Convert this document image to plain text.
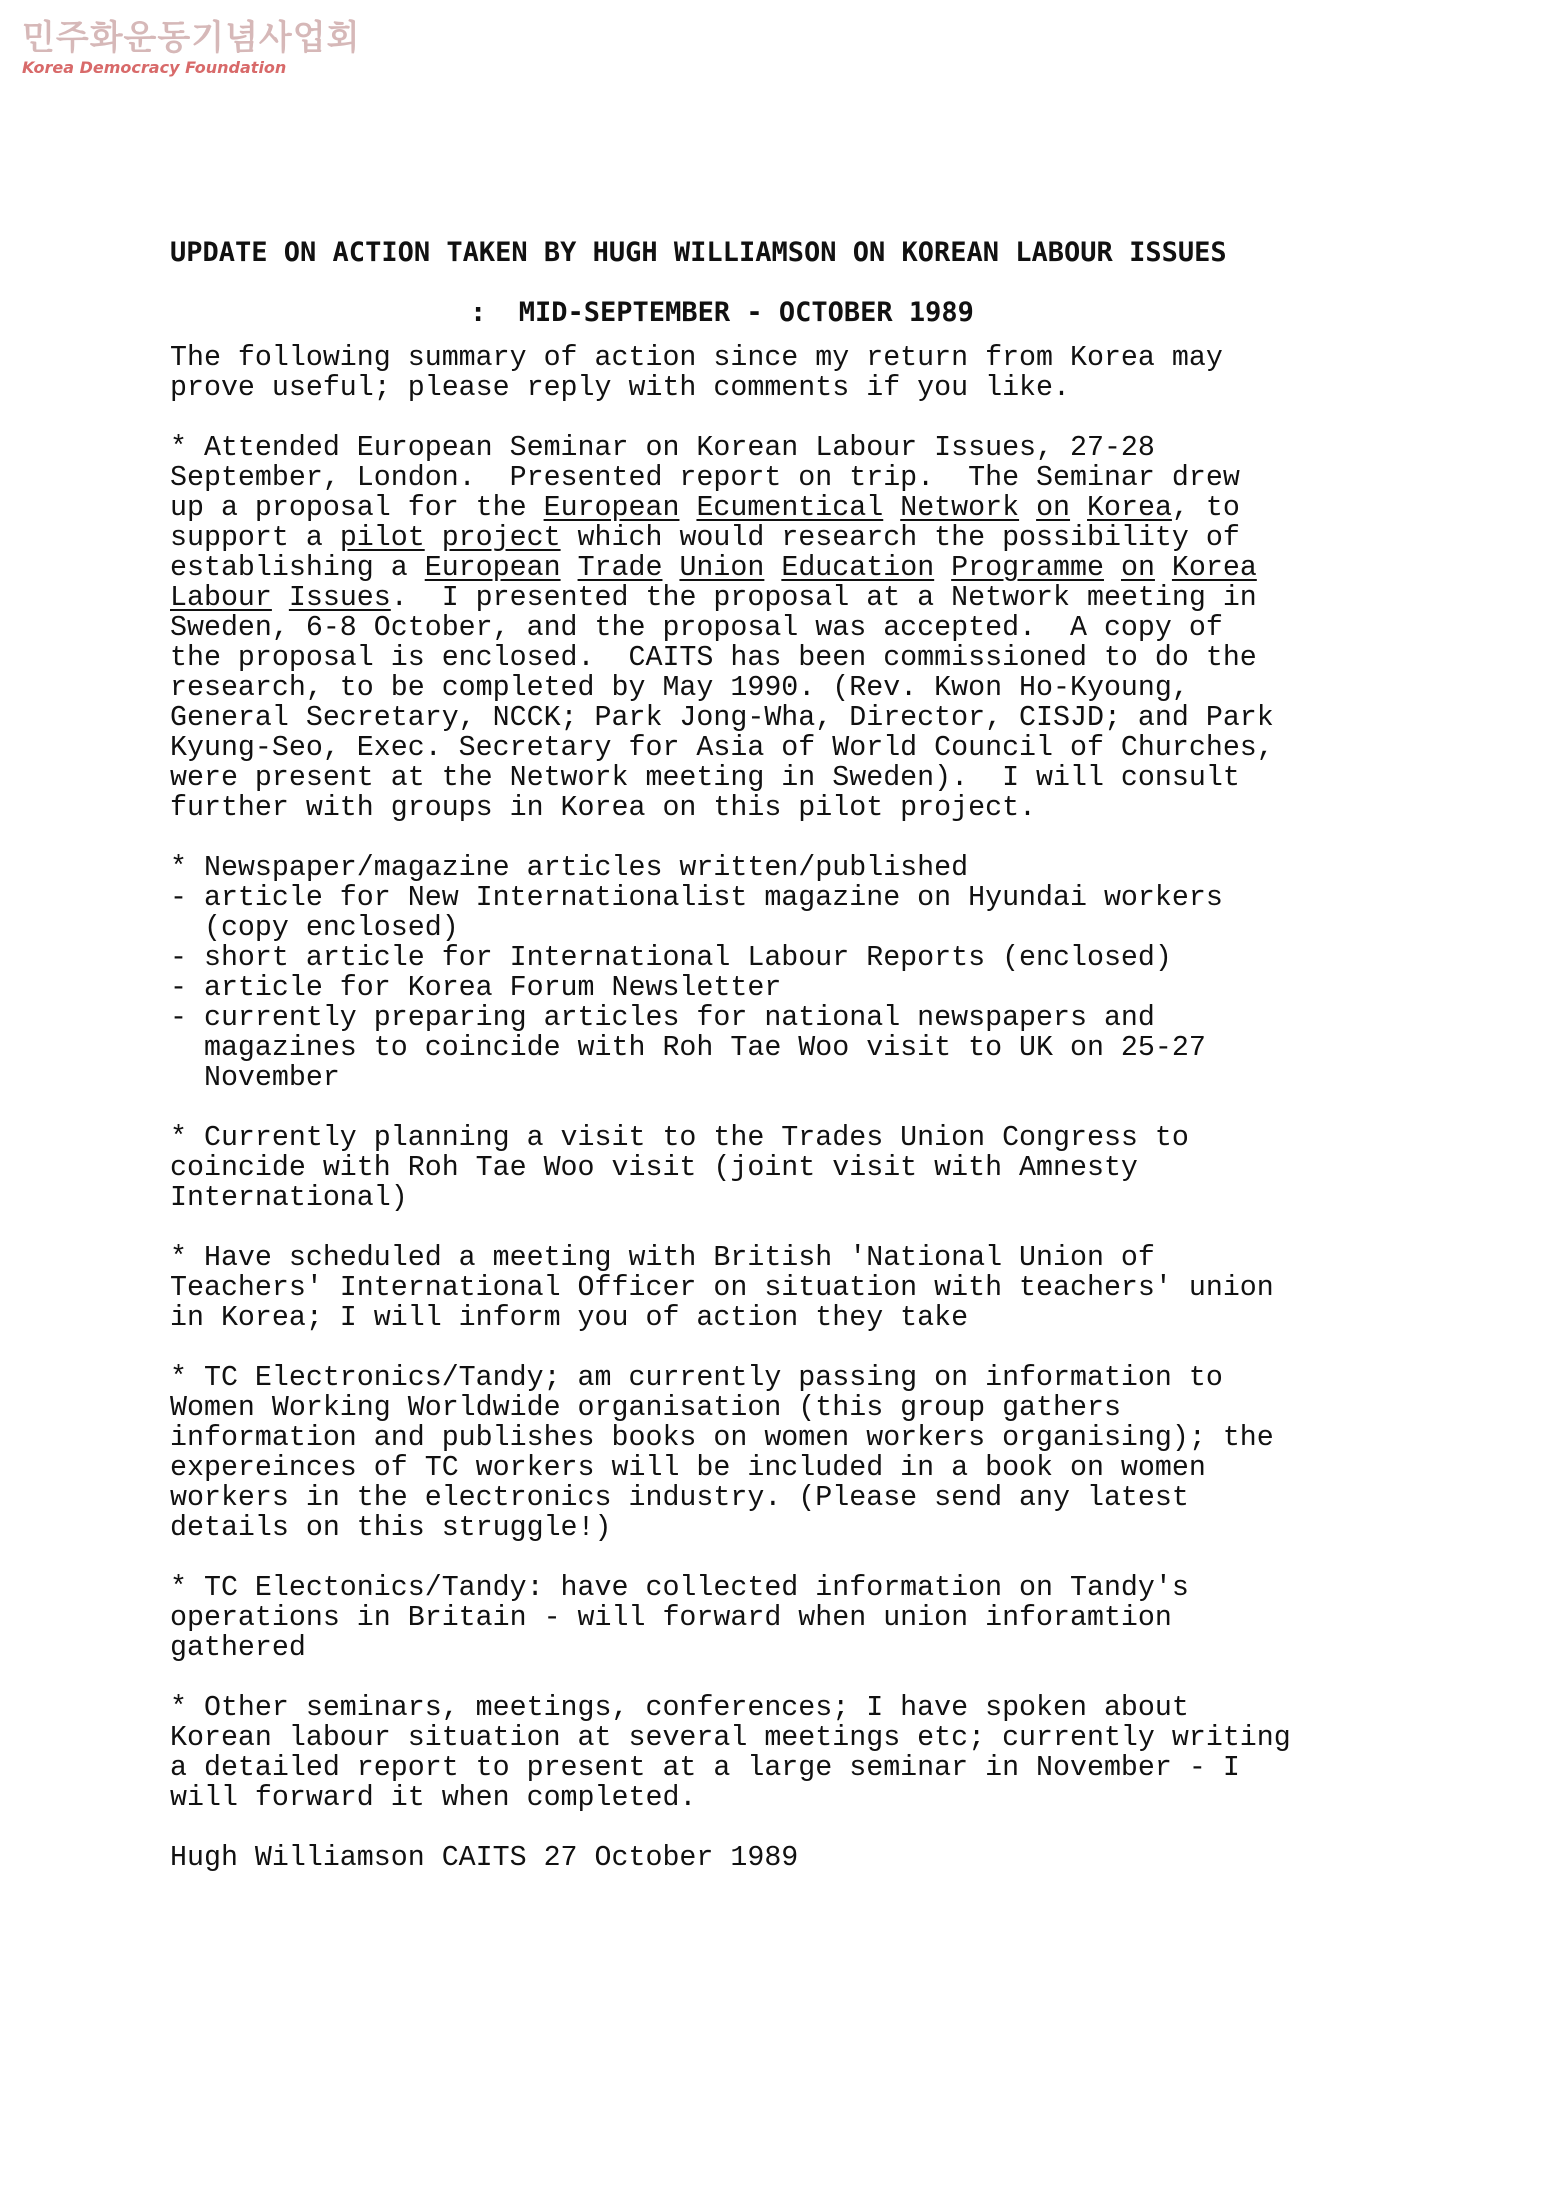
민주화운동기념사업회
Korea Democracy Foundation
UPDATE ON ACTION TAKEN BY HUGH WILLIAMSON ON KOREAN LABOUR ISSUES
:  MID-SEPTEMBER - OCTOBER 1989
The following summary of action since my return from Korea may
prove useful; please reply with comments if you like.
* Attended European Seminar on Korean Labour Issues, 27-28
September, London.  Presented report on trip.  The Seminar drew
up a proposal for the European Ecumentical Network on Korea, to
support a pilot project which would research the possibility of
establishing a European Trade Union Education Programme on Korea
Labour Issues.  I presented the proposal at a Network meeting in
Sweden, 6-8 October, and the proposal was accepted.  A copy of
the proposal is enclosed.  CAITS has been commissioned to do the
research, to be completed by May 1990. (Rev. Kwon Ho-Kyoung,
General Secretary, NCCK; Park Jong-Wha, Director, CISJD; and Park
Kyung-Seo, Exec. Secretary for Asia of World Council of Churches,
were present at the Network meeting in Sweden).  I will consult
further with groups in Korea on this pilot project.
* Newspaper/magazine articles written/published
- article for New Internationalist magazine on Hyundai workers
(copy enclosed)
- short article for International Labour Reports (enclosed)
- article for Korea Forum Newsletter
- currently preparing articles for national newspapers and
magazines to coincide with Roh Tae Woo visit to UK on 25-27
November
* Currently planning a visit to the Trades Union Congress to
coincide with Roh Tae Woo visit (joint visit with Amnesty
International)
* Have scheduled a meeting with British 'National Union of
Teachers' International Officer on situation with teachers' union
in Korea; I will inform you of action they take
* TC Electronics/Tandy; am currently passing on information to
Women Working Worldwide organisation (this group gathers
information and publishes books on women workers organising); the
expereinces of TC workers will be included in a book on women
workers in the electronics industry. (Please send any latest
details on this struggle!)
* TC Electonics/Tandy: have collected information on Tandy's
operations in Britain - will forward when union inforamtion
gathered
* Other seminars, meetings, conferences; I have spoken about
Korean labour situation at several meetings etc; currently writing
a detailed report to present at a large seminar in November - I
will forward it when completed.
Hugh Williamson CAITS 27 October 1989
